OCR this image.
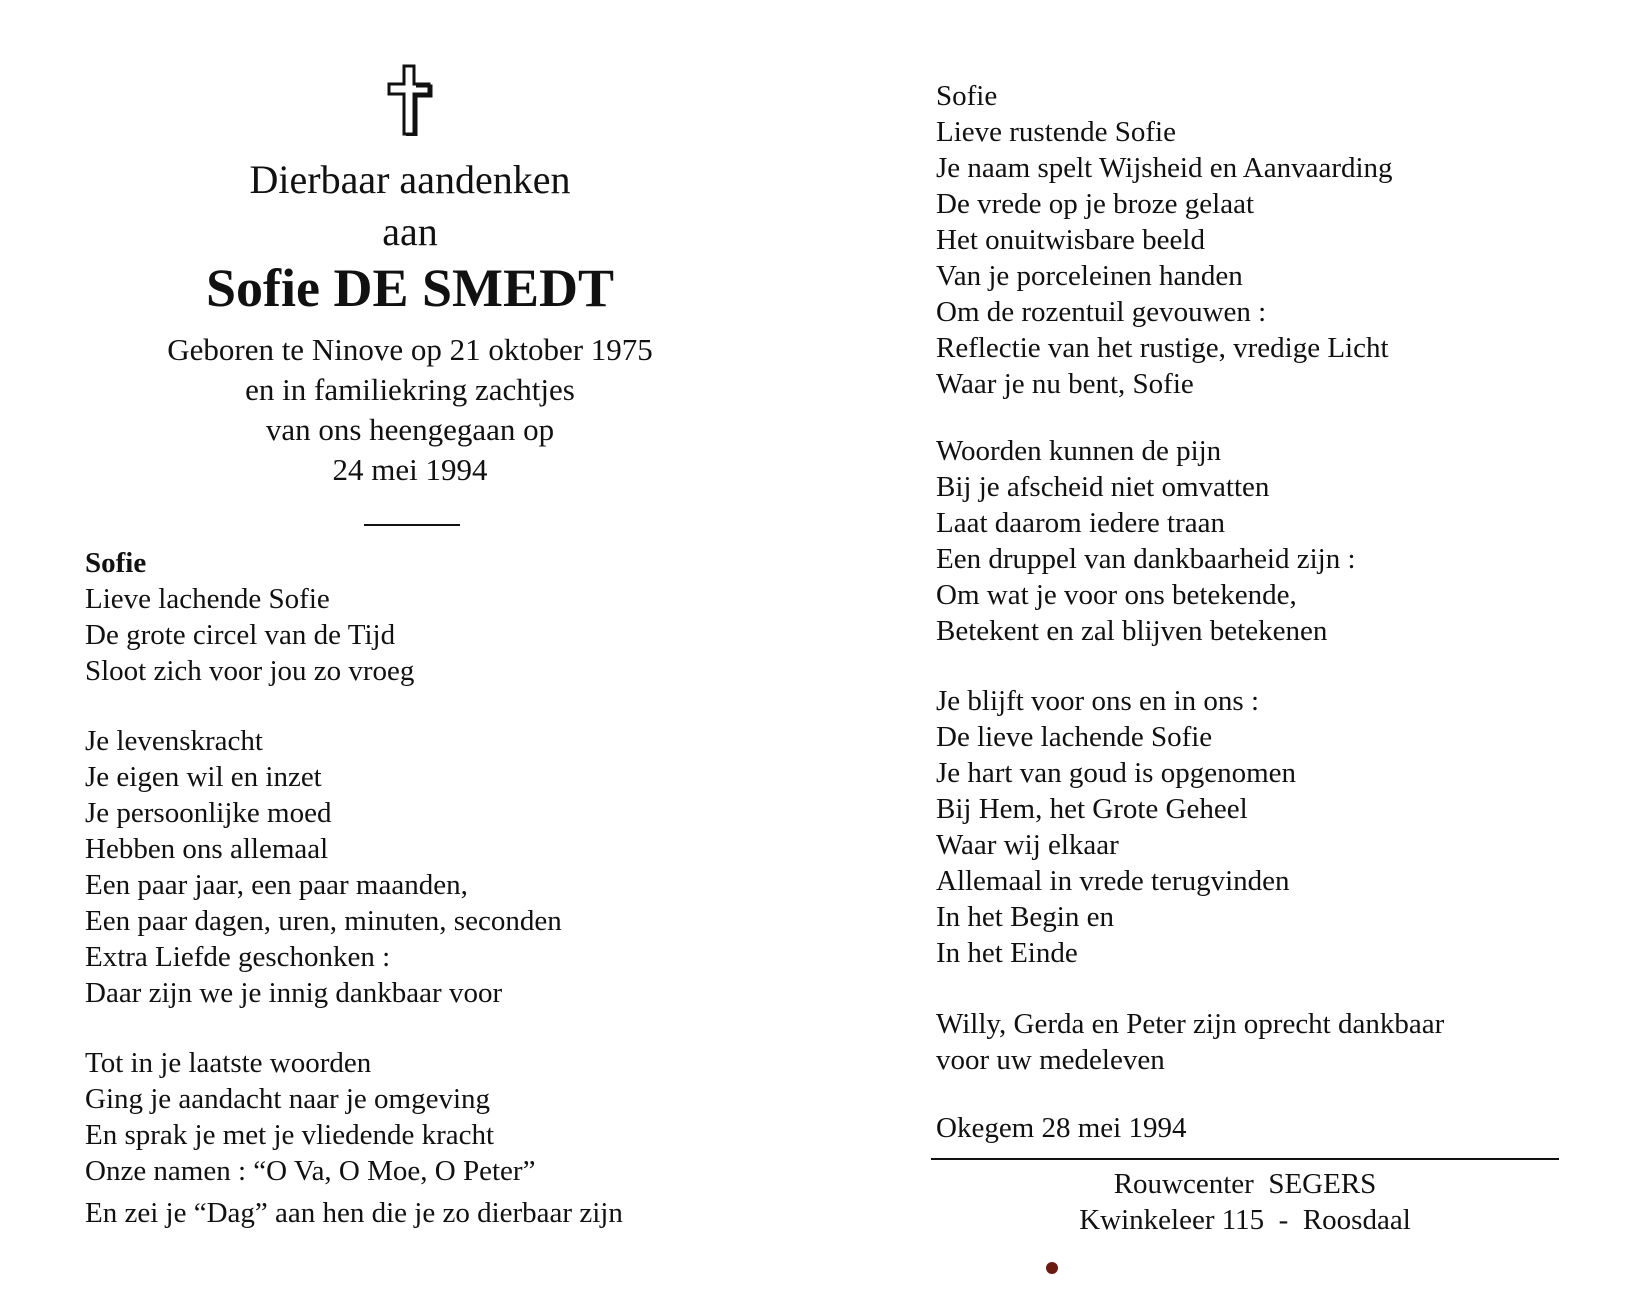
Dierbaar aandenken
aan
Sofie DE SMEDT
Geboren te Ninove op 21 oktober 1975
en in familiekring zachtjes
van ons heengegaan op
24 mei 1994
Sofie
Lieve lachende Sofie
De grote circel van de Tijd
Sloot zich voor jou zo vroeg
Je levenskracht
Je eigen wil en inzet
Je persoonlijke moed
Hebben ons allemaal
Een paar jaar, een paar maanden,
Een paar dagen, uren, minuten, seconden
Extra Liefde geschonken :
Daar zijn we je innig dankbaar voor
Tot in je laatste woorden
Ging je aandacht naar je omgeving
En sprak je met je vliedende kracht
Onze namen : “O Va, O Moe, O Peter”
En zei je “Dag” aan hen die je zo dierbaar zijn
Sofie
Lieve rustende Sofie
Je naam spelt Wijsheid en Aanvaarding
De vrede op je broze gelaat
Het onuitwisbare beeld
Van je porceleinen handen
Om de rozentuil gevouwen :
Reflectie van het rustige, vredige Licht
Waar je nu bent, Sofie
Woorden kunnen de pijn
Bij je afscheid niet omvatten
Laat daarom iedere traan
Een druppel van dankbaarheid zijn :
Om wat je voor ons betekende,
Betekent en zal blijven betekenen
Je blijft voor ons en in ons :
De lieve lachende Sofie
Je hart van goud is opgenomen
Bij Hem, het Grote Geheel
Waar wij elkaar
Allemaal in vrede terugvinden
In het Begin en
In het Einde
Willy, Gerda en Peter zijn oprecht dankbaar
voor uw medeleven
Okegem 28 mei 1994
Rouwcenter  SEGERS
Kwinkeleer 115  -  Roosdaal
